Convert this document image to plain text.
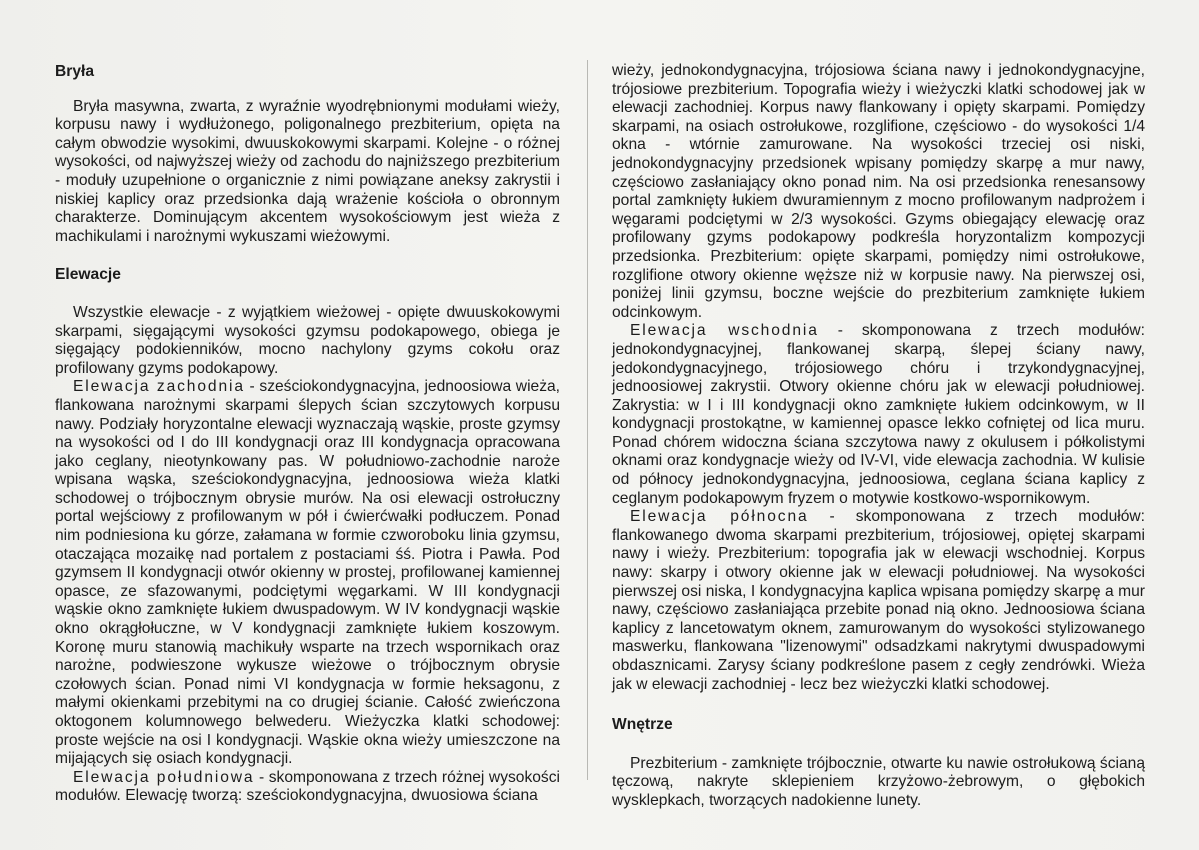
Bryła

Bryła masywna, zwarta, z wyraźnie wyodrębnionymi modułami wieży, korpusu nawy i wydłużonego, poligonalnego prezbiterium, opięta na całym obwodzie wysokimi, dwuuskokowymi skarpami. Kolejne - o różnej wysokości, od najwyższej wieży od zachodu do najniższego prezbiterium - moduły uzupełnione o organicznie z nimi powiązane aneksy zakrystii i niskiej kaplicy oraz przedsionka dają wrażenie kościoła o obronnym charakterze. Dominującym akcentem wysokościowym jest wieża z machikulami i narożnymi wykuszami wieżowymi.

Elewacje

Wszystkie elewacje - z wyjątkiem wieżowej - opięte dwuuskokowymi skarpami, sięgającymi wysokości gzymsu podokapowego, obiega je sięgający podokienników, mocno nachylony gzyms cokołu oraz profilowany gzyms podokapowy.

Elewacja zachodnia - sześciokondygnacyjna, jednoosiowa wieża, flankowana narożnymi skarpami ślepych ścian szczytowych korpusu nawy. Podziały horyzontalne elewacji wyznaczają wąskie, proste gzymsy na wysokości od I do III kondygnacji oraz III kondygnacja opracowana jako ceglany, nieotynkowany pas. W południowo-zachodnie naroże wpisana wąska, sześciokondygnacyjna, jednoosiowa wieża klatki schodowej o trójbocznym obrysie murów. Na osi elewacji ostrołuczny portal wejściowy z profilowanym w pół i ćwierćwałki podłuczem. Ponad nim podniesiona ku górze, załamana w formie czworoboku linia gzymsu, otaczająca mozaikę nad portalem z postaciami śś. Piotra i Pawła. Pod gzymsem II kondygnacji otwór okienny w prostej, profilowanej kamiennej opasce, ze sfazowanymi, podciętymi węgarkami. W III kondygnacji wąskie okno zamknięte łukiem dwuspadowym. W IV kondygnacji wąskie okno okrągłołuczne, w V kondygnacji zamknięte łukiem koszowym. Koronę muru stanowią machikuły wsparte na trzech wspornikach oraz narożne, podwieszone wykusze wieżowe o trójbocznym obrysie czołowych ścian. Ponad nimi VI kondygnacja w formie heksagonu, z małymi okienkami przebitymi na co drugiej ścianie. Całość zwieńczona oktogonem kolumnowego belwederu. Wieżyczka klatki schodowej: proste wejście na osi I kondygnacji. Wąskie okna wieży umieszczone na mijających się osiach kondygnacji.

Elewacja południowa - skomponowana z trzech różnej wysokości modułów. Elewację tworzą: sześciokondygnacyjna, dwuosiowa ściana

wieży, jednokondygnacyjna, trójosiowa ściana nawy i jednokondygnacyjne, trójosiowe prezbiterium. Topografia wieży i wieżyczki klatki schodowej jak w elewacji zachodniej. Korpus nawy flankowany i opięty skarpami. Pomiędzy skarpami, na osiach ostrołukowe, rozglifione, częściowo - do wysokości 1/4 okna - wtórnie zamurowane. Na wysokości trzeciej osi niski, jednokondygnacyjny przedsionek wpisany pomiędzy skarpę a mur nawy, częściowo zasłaniający okno ponad nim. Na osi przedsionka renesansowy portal zamknięty łukiem dwuramiennym z mocno profilowanym nadprożem i węgarami podciętymi w 2/3 wysokości. Gzyms obiegający elewację oraz profilowany gzyms podokapowy podkreśla horyzontalizm kompozycji przedsionka. Prezbiterium: opięte skarpami, pomiędzy nimi ostrołukowe, rozglifione otwory okienne węższe niż w korpusie nawy. Na pierwszej osi, poniżej linii gzymsu, boczne wejście do prezbiterium zamknięte łukiem odcinkowym.

Elewacja wschodnia - skomponowana z trzech modułów: jednokondygnacyjnej, flankowanej skarpą, ślepej ściany nawy, jedokondygnacyjnego, trójosiowego chóru i trzykondygnacyjnej, jednoosiowej zakrystii. Otwory okienne chóru jak w elewacji południowej. Zakrystia: w I i III kondygnacji okno zamknięte łukiem odcinkowym, w II kondygnacji prostokątne, w kamiennej opasce lekko cofniętej od lica muru. Ponad chórem widoczna ściana szczytowa nawy z okulusem i półkolistymi oknami oraz kondygnacje wieży od IV-VI, vide elewacja zachodnia. W kulisie od północy jednokondygnacyjna, jednoosiowa, ceglana ściana kaplicy z ceglanym podokapowym fryzem o motywie kostkowo-wspornikowym.

Elewacja północna - skomponowana z trzech modułów: flankowanego dwoma skarpami prezbiterium, trójosiowej, opiętej skarpami nawy i wieży. Prezbiterium: topografia jak w elewacji wschodniej. Korpus nawy: skarpy i otwory okienne jak w elewacji południowej. Na wysokości pierwszej osi niska, I kondygnacyjna kaplica wpisana pomiędzy skarpę a mur nawy, częściowo zasłaniająca przebite ponad nią okno. Jednoosiowa ściana kaplicy z lancetowatym oknem, zamurowanym do wysokości stylizowanego maswerku, flankowana "lizenowymi" odsadzkami nakrytymi dwuspadowymi obdasznicami. Zarysy ściany podkreślone pasem z cegły zendrówki. Wieża jak w elewacji zachodniej - lecz bez wieżyczki klatki schodowej.

Wnętrze

Prezbiterium - zamknięte trójbocznie, otwarte ku nawie ostrołukową ścianą tęczową, nakryte sklepieniem krzyżowo-żebrowym, o głębokich wysklepkach, tworzących nadokienne lunety.
